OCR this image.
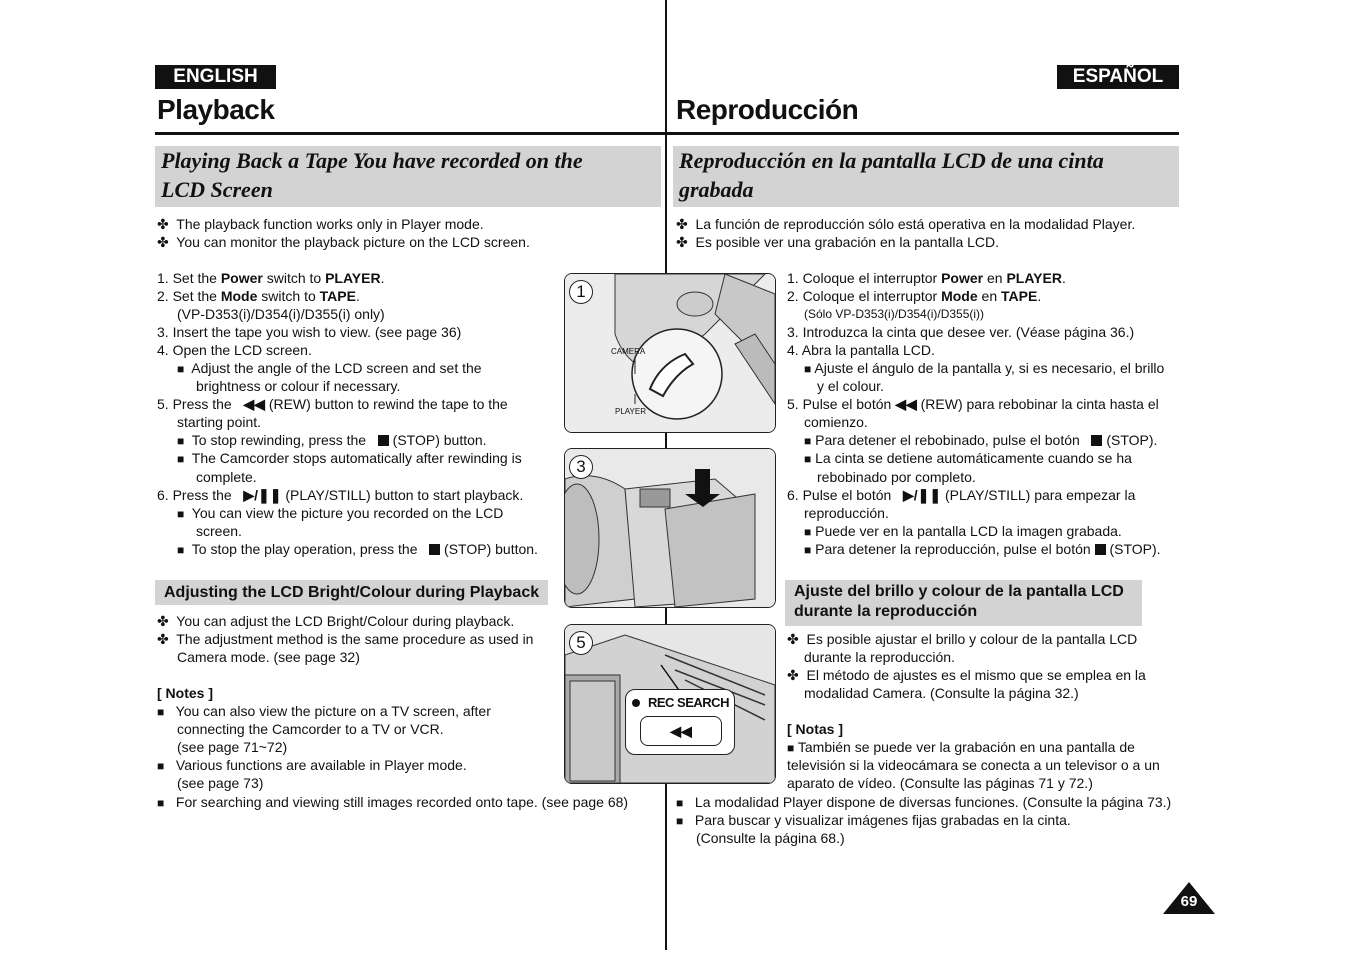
ENGLISH
Playback
Playing Back a Tape You have recorded on the
LCD Screen
ESPAÑOL
Reproducción
Reproducción en la pantalla LCD de una cinta
grabada
✤ The playback function works only in Player mode.
✤ You can monitor the playback picture on the LCD screen.
1. Set the Power switch to PLAYER.
2. Set the Mode switch to TAPE.
(VP-D353(i)/D354(i)/D355(i) only)
3. Insert the tape you wish to view. (see page 36)
4. Open the LCD screen.
■ Adjust the angle of the LCD screen and set the
brightness or colour if necessary.
5. Press the ◀◀ (REW) button to rewind the tape to the
starting point.
■ To stop rewinding, press the (STOP) button.
■ The Camcorder stops automatically after rewinding is
complete.
6. Press the ▶/❚❚ (PLAY/STILL) button to start playback.
■ You can view the picture you recorded on the LCD
screen.
■ To stop the play operation, press the (STOP) button.
Adjusting the LCD Bright/Colour during Playback
✤ You can adjust the LCD Bright/Colour during playback.
✤ The adjustment method is the same procedure as used in
Camera mode. (see page 32)
[ Notes ]
■ You can also view the picture on a TV screen, after
connecting the Camcorder to a TV or VCR.
(see page 71~72)
■ Various functions are available in Player mode.
(see page 73)
■ For searching and viewing still images recorded onto tape. (see page 68)
1
CAMERA
PLAYER
3
5
REC SEARCH
◀◀
✤ La función de reproducción sólo está operativa en la modalidad Player.
✤ Es posible ver una grabación en la pantalla LCD.
1. Coloque el interruptor Power en PLAYER.
2. Coloque el interruptor Mode en TAPE.
(Sólo VP-D353(i)/D354(i)/D355(i))
3. Introduzca la cinta que desee ver. (Véase página 36.)
4. Abra la pantalla LCD.
■ Ajuste el ángulo de la pantalla y, si es necesario, el brillo
y el colour.
5. Pulse el botón ◀◀ (REW) para rebobinar la cinta hasta el
comienzo.
■ Para detener el rebobinado, pulse el botón (STOP).
■ La cinta se detiene automáticamente cuando se ha
rebobinado por completo.
6. Pulse el botón ▶/❚❚ (PLAY/STILL) para empezar la
reproducción.
■ Puede ver en la pantalla LCD la imagen grabada.
■ Para detener la reproducción, pulse el botón (STOP).
Ajuste del brillo y colour de la pantalla LCD
durante la reproducción
✤ Es posible ajustar el brillo y colour de la pantalla LCD
durante la reproducción.
✤ El método de ajustes es el mismo que se emplea en la
modalidad Camera. (Consulte la página 32.)
[ Notas ]
■ También se puede ver la grabación en una pantalla de
televisión si la videocámara se conecta a un televisor o a un
aparato de vídeo. (Consulte las páginas 71 y 72.)
■ La modalidad Player dispone de diversas funciones. (Consulte la página 73.)
■ Para buscar y visualizar imágenes fijas grabadas en la cinta.
(Consulte la página 68.)
69
